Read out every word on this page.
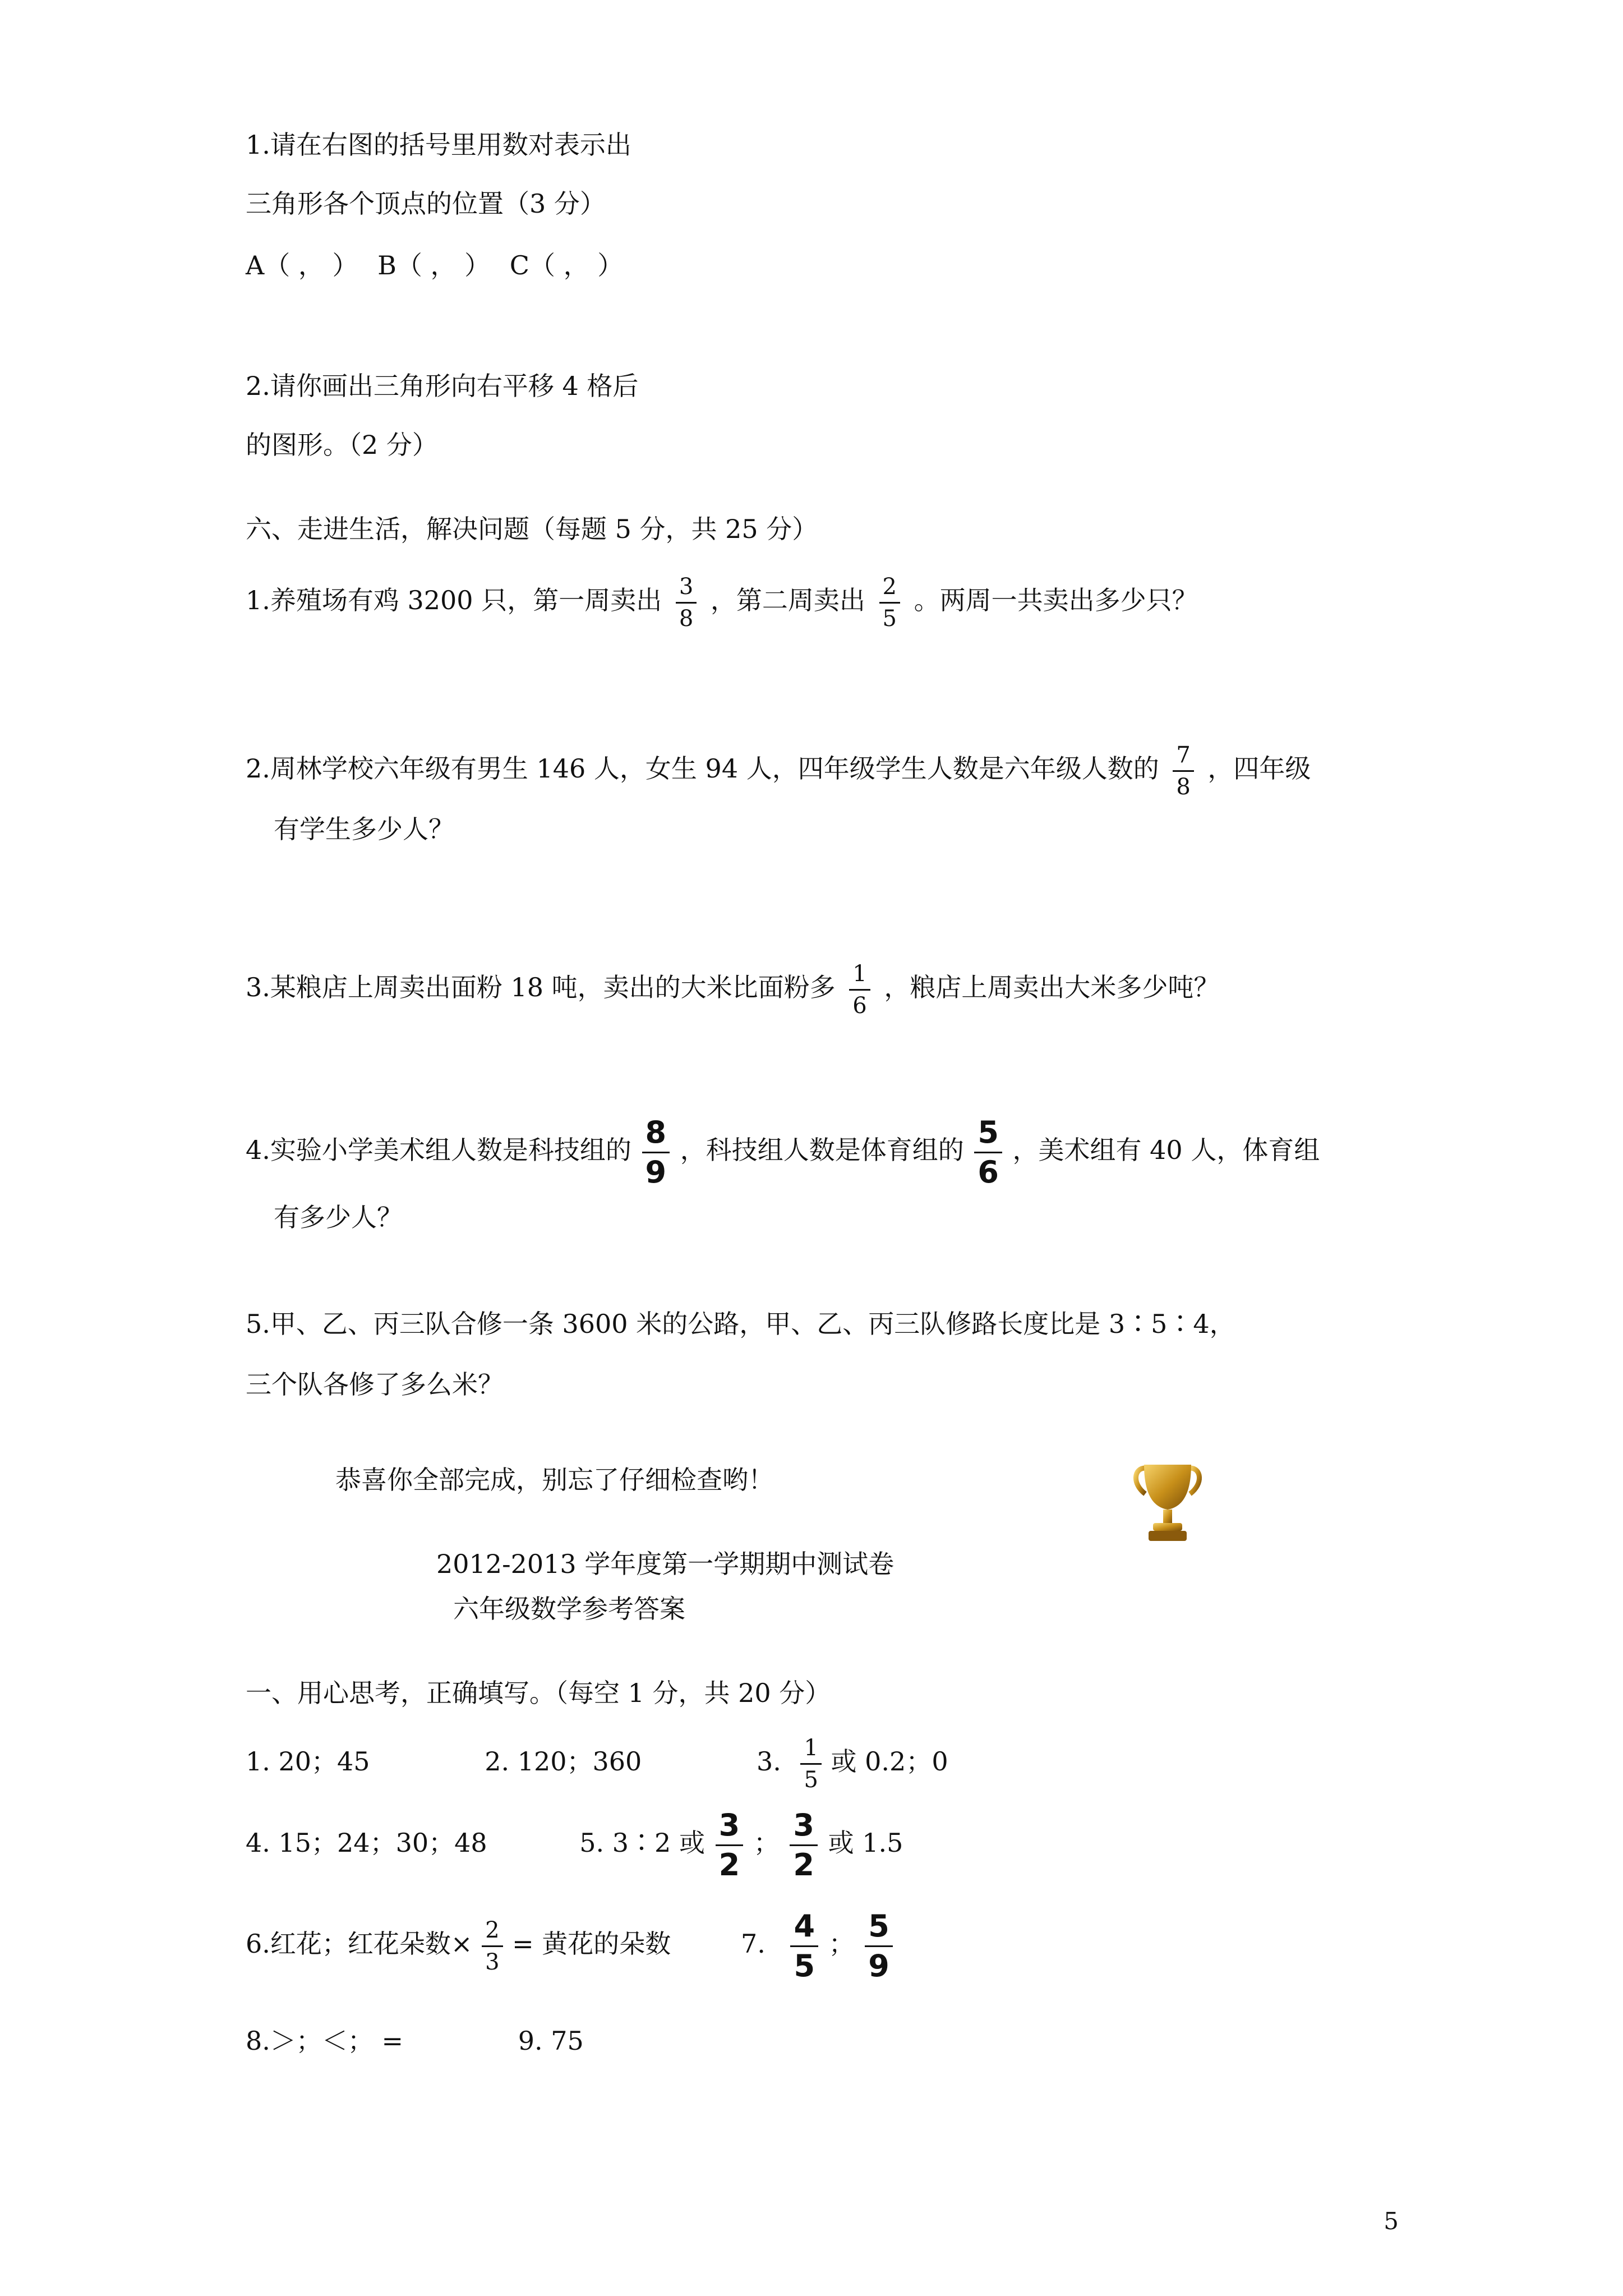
1.请在右图的括号里用数对表示出
三角形各个顶点的位置（3 分）
A（ ， ） B（ ， ） C（ ， ）
2.请你画出三角形向右平移 4 格后
的图形。（2 分）
六、走进生活，解决问题（每题 5 分，共 25 分）
1.养殖场有鸡 3200 只，第一周卖出 $\frac{3}{8}$ ，第二周卖出 $\frac{2}{5}$ 。两周一共卖出多少只？
2.周林学校六年级有男生 146 人，女生 94 人，四年级学生人数是六年级人数的 $\frac{7}{8}$ ，四年级
有学生多少人？
3.某粮店上周卖出面粉 18 吨，卖出的大米比面粉多 $\frac{1}{6}$ ，粮店上周卖出大米多少吨？
4.实验小学美术组人数是科技组的 $\frac{8}{9}$ ，科技组人数是体育组的 $\frac{5}{6}$ ，美术组有 40 人，体育组
有多少人？
5.甲、乙、丙三队合修一条 3600 米的公路，甲、乙、丙三队修路长度比是 3∶5∶4，
三个队各修了多么米？
恭喜你全部完成，别忘了仔细检查哟！
2012-2013 学年度第一学期期中测试卷
六年级数学参考答案
一、用心思考，正确填写。（每空 1 分，共 20 分）
1. 20；45	2. 120；360	3. $\frac{1}{5}$ 或 0.2；0
4. 15；24；30；48	5. 3∶2 或 $\frac{3}{2}$ ； $\frac{3}{2}$ 或 1.5
6.红花；红花朵数× $\frac{2}{3}$ = 黄花的朵数	7. $\frac{4}{5}$ ； $\frac{5}{9}$
8.＞；＜； =	9. 75
5
